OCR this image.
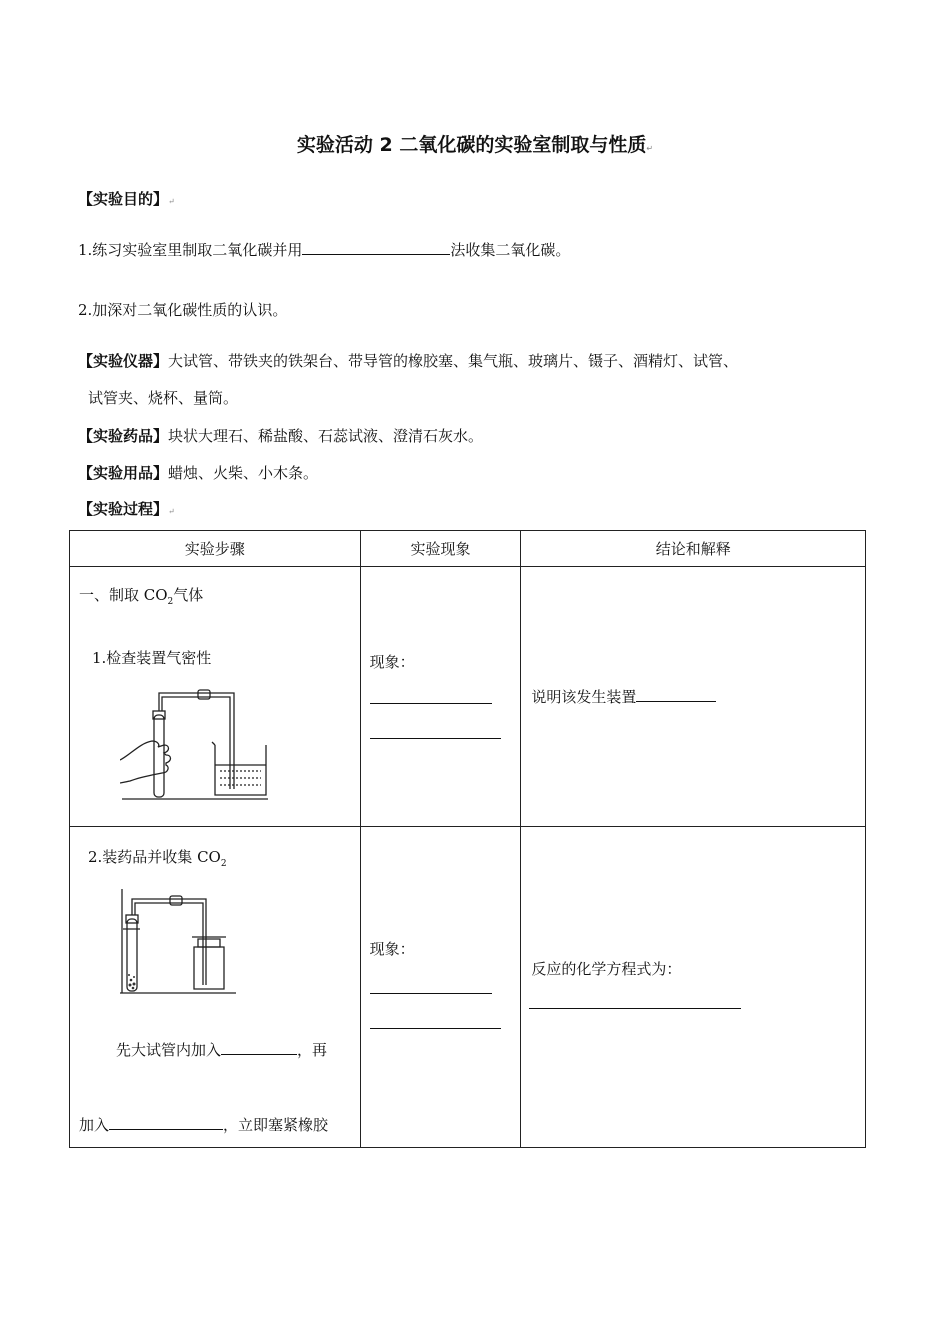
实验活动 2 二氧化碳的实验室制取与性质↵
【实验目的】↵
1.练习实验室里制取二氧化碳并用	法收集二氧化碳。
2.加深对二氧化碳性质的认识。
【实验仪器】大试管、带铁夹的铁架台、带导管的橡胶塞、集气瓶、玻璃片、镊子、酒精灯、试管、
试管夹、烧杯、量筒。
【实验药品】块状大理石、稀盐酸、石蕊试液、澄清石灰水。
【实验用品】蜡烛、火柴、小木条。
【实验过程】↵
实验步骤	实验现象	结论和解释

一、制取 $CO_2$气体
1.检查装置气密性	现象：	说明该发生装置

2.装药品并收集 $CO_2$
先大试管内加入 ，再
加入 ，立即塞紧橡胶	现象：	反应的化学方程式为：
